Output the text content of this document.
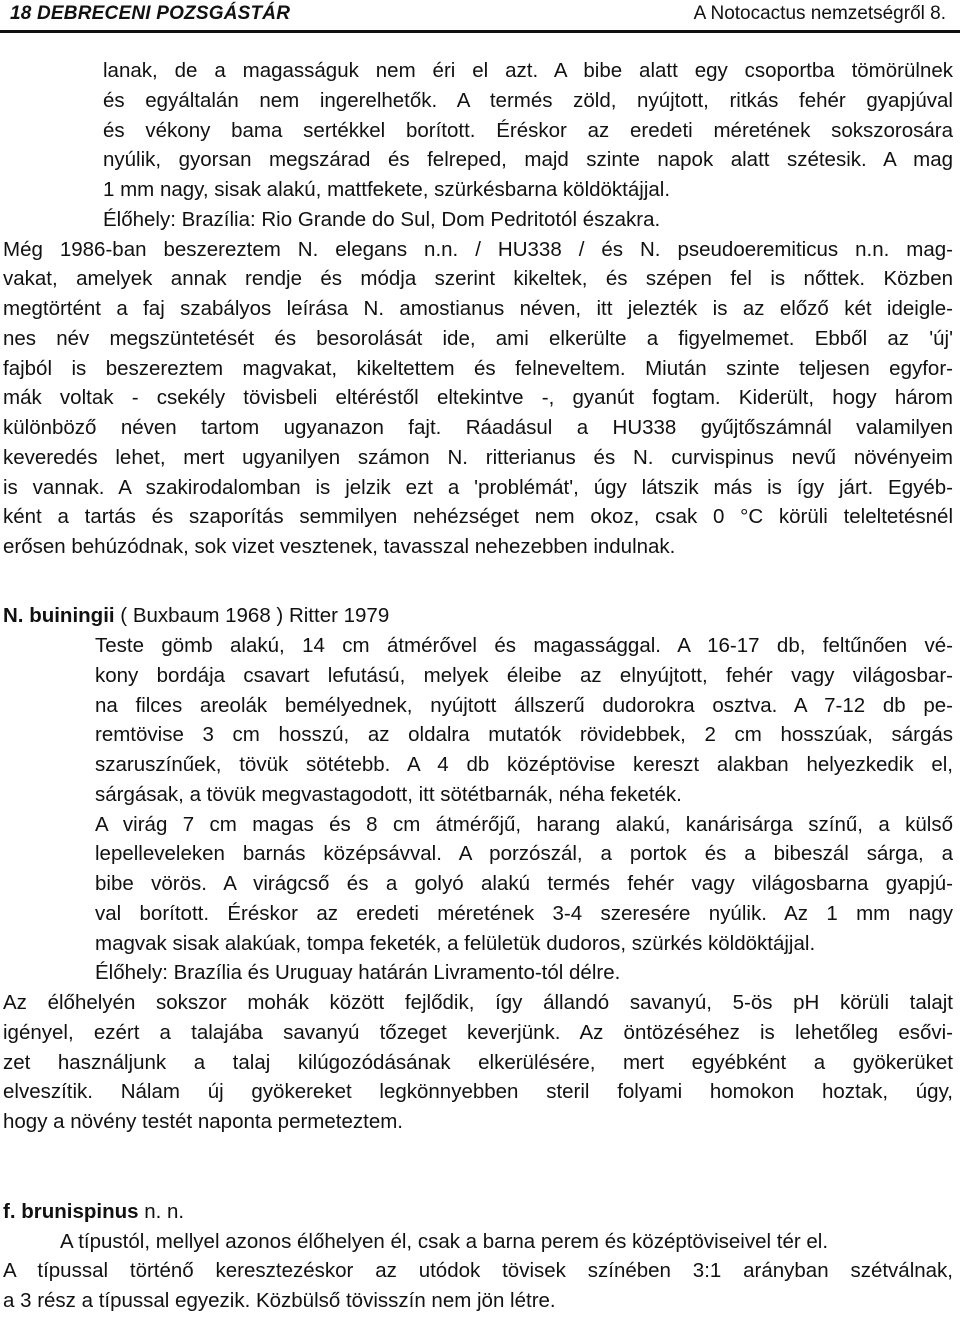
18 DEBRECENI POZSGÁSTÁR	A Notocactus nemzetségről 8.
lanak, de a magasságuk nem éri el azt. A bibe alatt egy csoportba tömörülnek
és egyáltalán nem ingerelhetők. A termés zöld, nyújtott, ritkás fehér gyapjúval
és vékony bama sertékkel borított. Éréskor az eredeti méretének sokszorosára
nyúlik, gyorsan megszárad és felreped, majd szinte napok alatt szétesik. A mag
1 mm nagy, sisak alakú, mattfekete, szürkésbarna köldöktájjal.
Élőhely: Brazília: Rio Grande do Sul, Dom Pedritotól északra.
Még 1986-ban beszereztem N. elegans n.n. / HU338 / és N. pseudoeremiticus n.n. mag-
vakat, amelyek annak rendje és módja szerint kikeltek, és szépen fel is nőttek. Közben
megtörtént a faj szabályos leírása N. amostianus néven, itt jelezték is az előző két ideigle-
nes név megszüntetését és besorolását ide, ami elkerülte a figyelmemet. Ebből az 'új'
fajból is beszereztem magvakat, kikeltettem és felneveltem. Miután szinte teljesen egyfor-
mák voltak - csekély tövisbeli eltéréstől eltekintve -, gyanút fogtam. Kiderült, hogy három
különböző néven tartom ugyanazon fajt. Ráadásul a HU338 gyűjtőszámnál valamilyen
keveredés lehet, mert ugyanilyen számon N. ritterianus és N. curvispinus nevű növényeim
is vannak. A szakirodalomban is jelzik ezt a 'problémát', úgy látszik más is így járt. Egyéb-
ként a tartás és szaporítás semmilyen nehézséget nem okoz, csak 0 °C körüli teleltetésnél
erősen behúzódnak, sok vizet vesztenek, tavasszal nehezebben indulnak.
N. buiningii ( Buxbaum 1968 ) Ritter 1979
Teste gömb alakú, 14 cm átmérővel és magassággal. A 16-17 db, feltűnően vé-
kony bordája csavart lefutású, melyek éleibe az elnyújtott, fehér vagy világosbar-
na filces areolák bemélyednek, nyújtott állszerű dudorokra osztva. A 7-12 db pe-
remtövise 3 cm hosszú, az oldalra mutatók rövidebbek, 2 cm hosszúak, sárgás
szaruszínűek, tövük sötétebb. A 4 db középtövise kereszt alakban helyezkedik el,
sárgásak, a tövük megvastagodott, itt sötétbarnák, néha feketék.
A virág 7 cm magas és 8 cm átmérőjű, harang alakú, kanárisárga színű, a külső
lepelleveleken barnás középsávval. A porzószál, a portok és a bibeszál sárga, a
bibe vörös. A virágcső és a golyó alakú termés fehér vagy világosbarna gyapjú-
val borított. Éréskor az eredeti méretének 3-4 szeresére nyúlik. Az 1 mm nagy
magvak sisak alakúak, tompa feketék, a felületük dudoros, szürkés köldöktájjal.
Élőhely: Brazília és Uruguay határán Livramento-tól délre.
Az élőhelyén sokszor mohák között fejlődik, így állandó savanyú, 5-ös pH körüli talajt
igényel, ezért a talajába savanyú tőzeget keverjünk. Az öntözéséhez is lehetőleg esővi-
zet használjunk a talaj kilúgozódásának elkerülésére, mert egyébként a gyökerüket
elveszítik. Nálam új gyökereket legkönnyebben steril folyami homokon hoztak, úgy,
hogy a növény testét naponta permeteztem.
f. brunispinus n. n.
A típustól, mellyel azonos élőhelyen él, csak a barna perem és középtöviseivel tér el.
A típussal történő keresztezéskor az utódok tövisek színében 3:1 arányban szétválnak,
a 3 rész a típussal egyezik. Közbülső tövisszín nem jön létre.
